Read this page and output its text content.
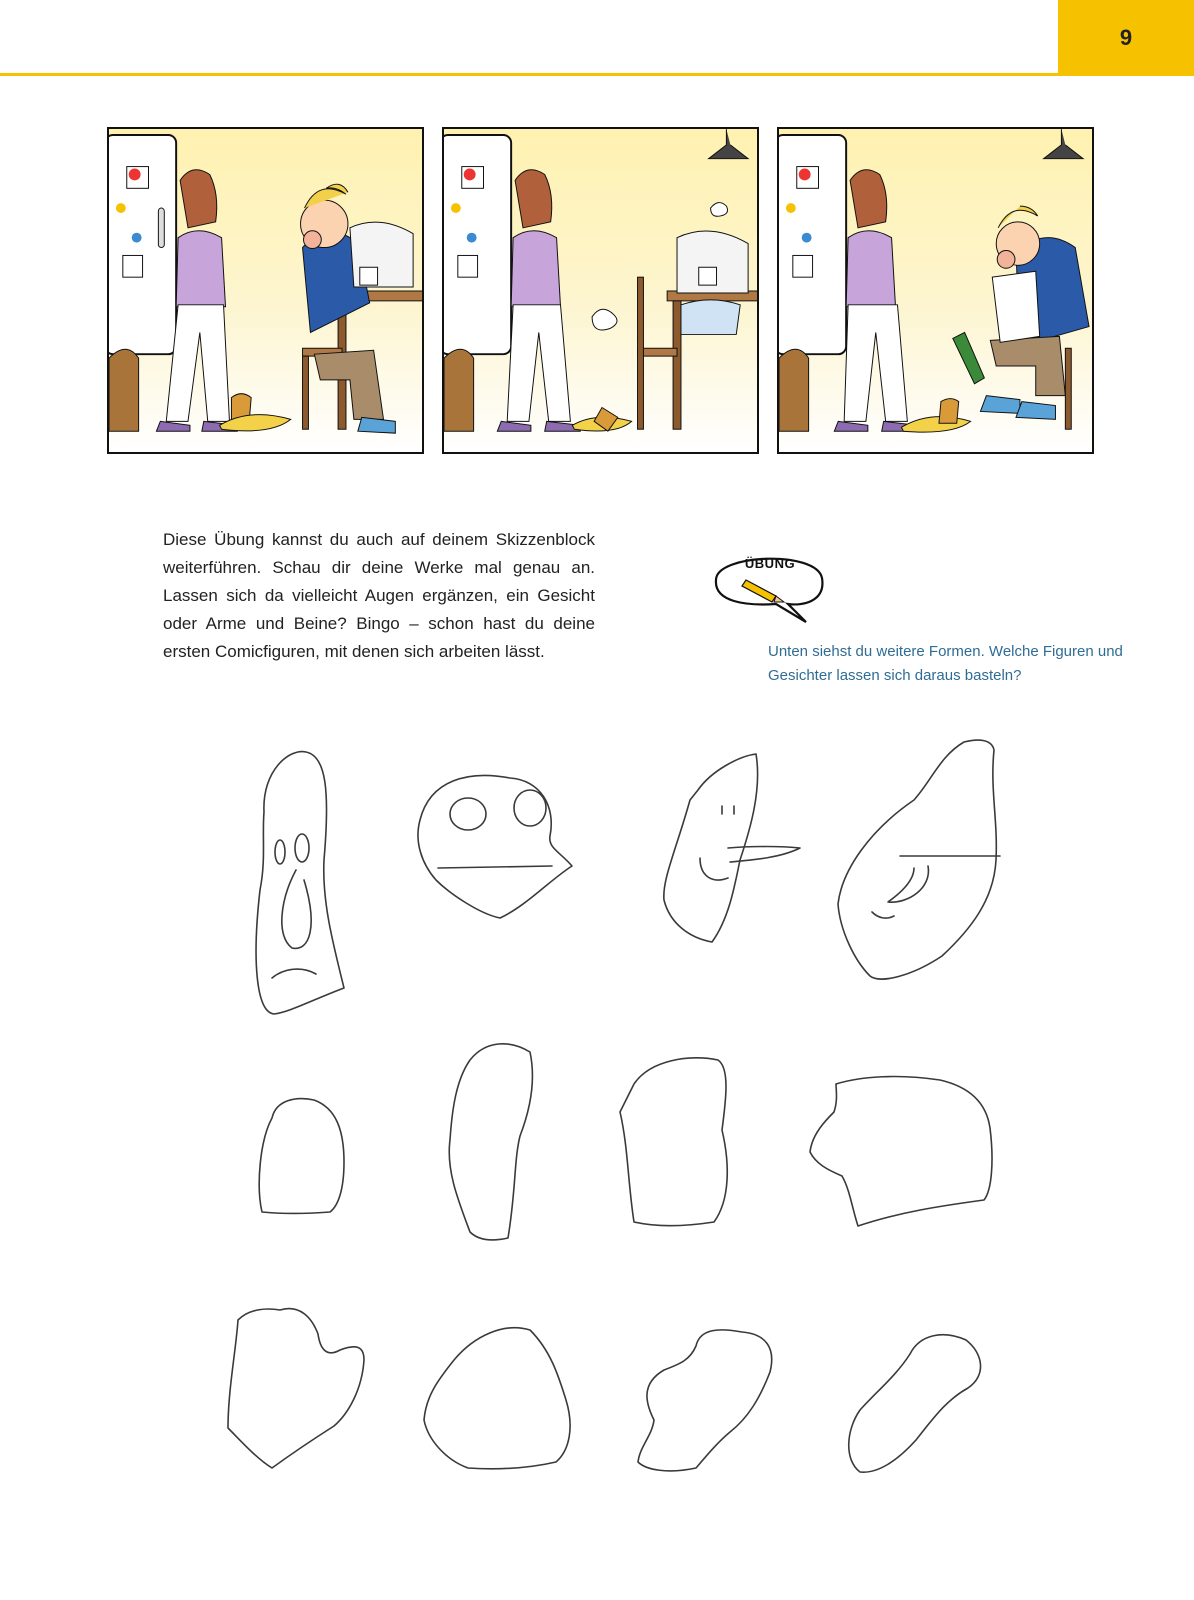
9

Diese Übung kannst du auch auf deinem Skizzenblock weiterführen. Schau dir deine Werke mal genau an. Lassen sich da vielleicht Augen ergänzen, ein Gesicht oder Arme und Beine? Bingo – schon hast du deine ersten Comicfiguren, mit denen sich arbeiten lässt.

ÜBUNG

Unten siehst du weitere Formen. Welche Figuren und Gesichter lassen sich daraus basteln?
